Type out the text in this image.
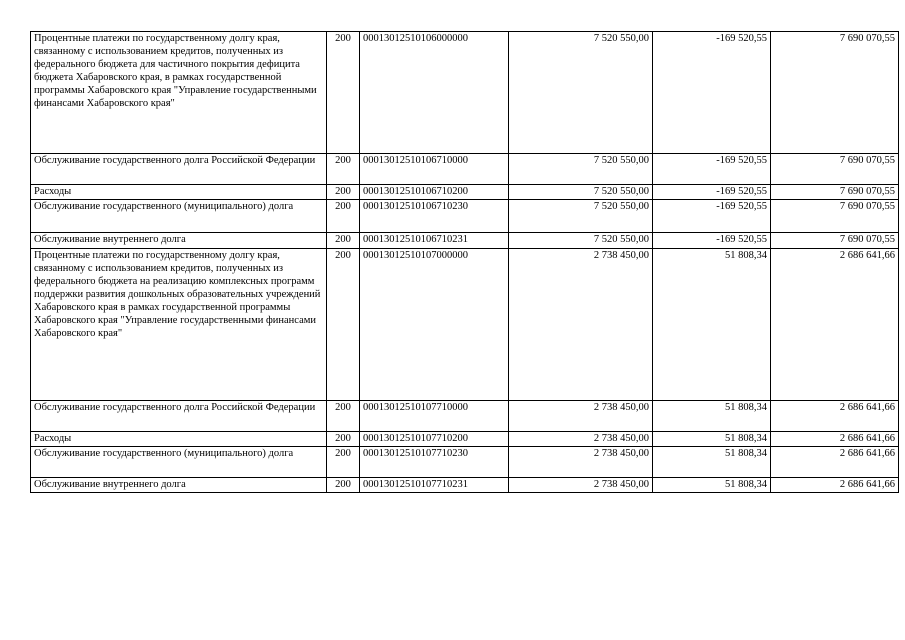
Процентные платежи по государственному долгу края, связанному с использованием кредитов, полученных из федерального бюджета для частичного покрытия дефицита бюджета Хабаровского края, в рамках государственной программы Хабаровского края "Управление государственными финансами Хабаровского края"	200	00013012510106000000	7 520 550,00	-169 520,55	7 690 070,55
Обслуживание государственного долга Российской Федерации	200	00013012510106710000	7 520 550,00	-169 520,55	7 690 070,55
Расходы	200	00013012510106710200	7 520 550,00	-169 520,55	7 690 070,55
Обслуживание государственного (муниципального) долга	200	00013012510106710230	7 520 550,00	-169 520,55	7 690 070,55
Обслуживание внутреннего долга	200	00013012510106710231	7 520 550,00	-169 520,55	7 690 070,55
Процентные платежи по государственному долгу края, связанному с использованием кредитов, полученных из федерального бюджета на реализацию комплексных программ поддержки развития дошкольных образовательных учреждений Хабаровского края в рамках государственной программы Хабаровского края "Управление государственными финансами Хабаровского края"	200	00013012510107000000	2 738 450,00	51 808,34	2 686 641,66
Обслуживание государственного долга Российской Федерации	200	00013012510107710000	2 738 450,00	51 808,34	2 686 641,66
Расходы	200	00013012510107710200	2 738 450,00	51 808,34	2 686 641,66
Обслуживание государственного (муниципального) долга	200	00013012510107710230	2 738 450,00	51 808,34	2 686 641,66
Обслуживание внутреннего долга	200	00013012510107710231	2 738 450,00	51 808,34	2 686 641,66
